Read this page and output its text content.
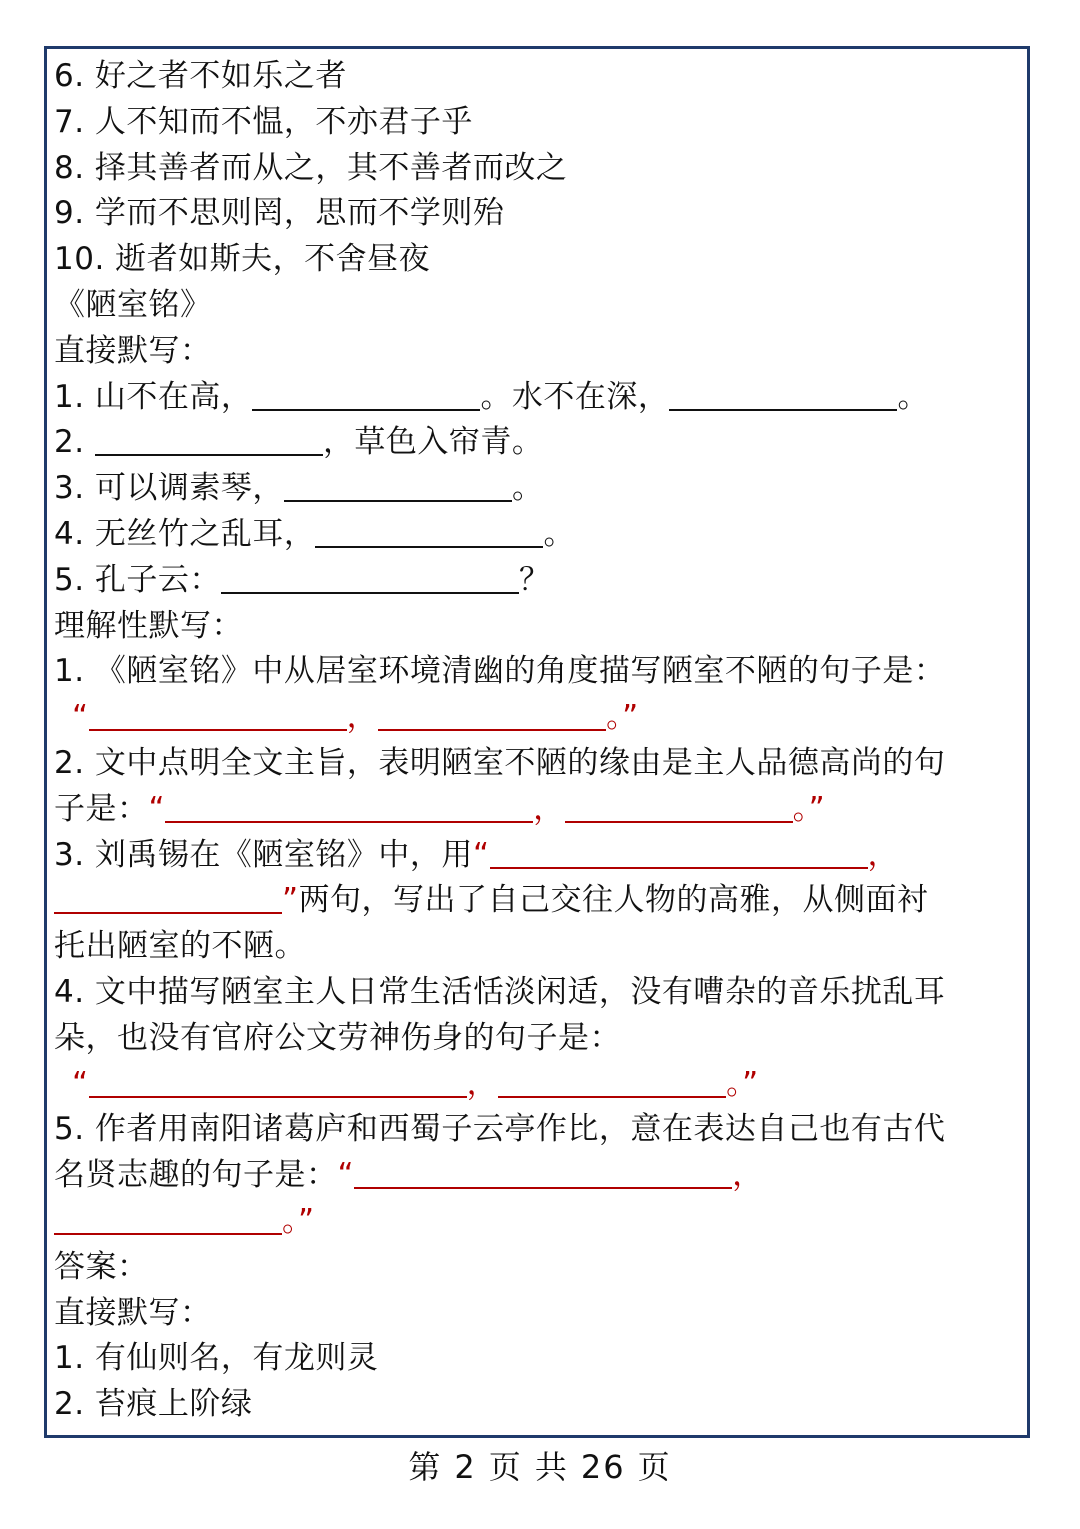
6. 好之者不如乐之者
7. 人不知而不愠，不亦君子乎
8. 择其善者而从之，其不善者而改之
9. 学而不思则罔，思而不学则殆
10. 逝者如斯夫，不舍昼夜
《陋室铭》
直接默写：
1. 山不在高，	。水不在深，	。
2.	，草色入帘青。
3. 可以调素琴，	。
4. 无丝竹之乱耳，	。
5. 孔子云：	？
理解性默写：
1. 《陋室铭》中从居室环境清幽的角度描写陋室不陋的句子是：
“	，	。”
2. 文中点明全文主旨，表明陋室不陋的缘由是主人品德高尚的句
子是：“	，	。”
3. 刘禹锡在《陋室铭》中，用“	，
”两句，写出了自己交往人物的高雅，从侧面衬
托出陋室的不陋。
4. 文中描写陋室主人日常生活恬淡闲适，没有嘈杂的音乐扰乱耳
朵，也没有官府公文劳神伤身的句子是：
“	，	。”
5. 作者用南阳诸葛庐和西蜀子云亭作比，意在表达自己也有古代
名贤志趣的句子是：“	，
。”
答案：
直接默写：
1. 有仙则名，有龙则灵
2. 苔痕上阶绿
第 2 页 共 26 页
